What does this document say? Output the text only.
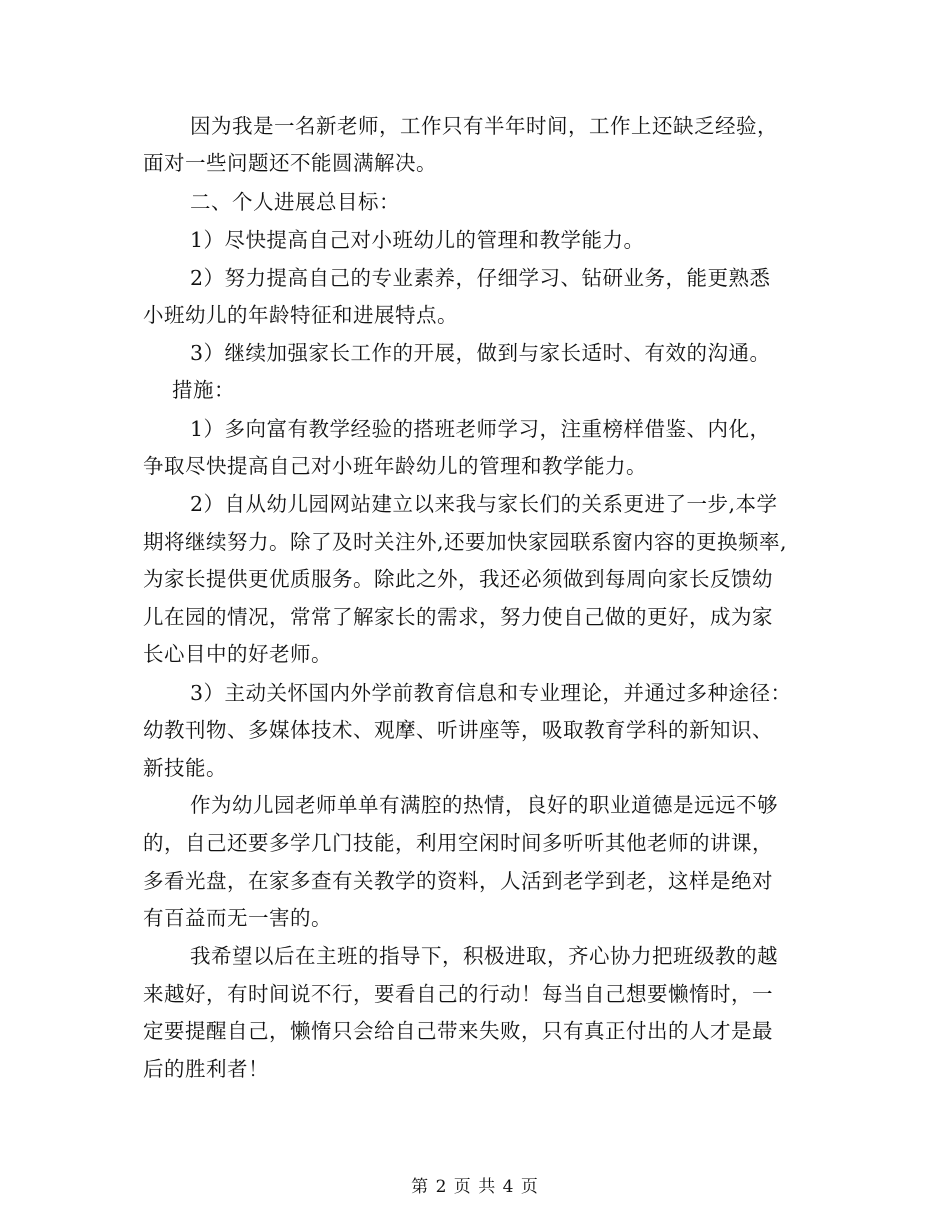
因为我是一名新老师，工作只有半年时间，工作上还缺乏经验，
面对一些问题还不能圆满解决。
二、个人进展总目标：
1）尽快提高自己对小班幼儿的管理和教学能力。
2）努力提高自己的专业素养，仔细学习、钻研业务，能更熟悉
小班幼儿的年龄特征和进展特点。
3）继续加强家长工作的开展，做到与家长适时、有效的沟通。
措施：
1）多向富有教学经验的搭班老师学习，注重榜样借鉴、内化，
争取尽快提高自己对小班年龄幼儿的管理和教学能力。
2）自从幼儿园网站建立以来我与家长们的关系更进了一步,本学
期将继续努力。除了及时关注外,还要加快家园联系窗内容的更换频率,
为家长提供更优质服务。除此之外，我还必须做到每周向家长反馈幼
儿在园的情况，常常了解家长的需求，努力使自己做的更好，成为家
长心目中的好老师。
3）主动关怀国内外学前教育信息和专业理论，并通过多种途径：
幼教刊物、多媒体技术、观摩、听讲座等，吸取教育学科的新知识、
新技能。
作为幼儿园老师单单有满腔的热情，良好的职业道德是远远不够
的，自己还要多学几门技能，利用空闲时间多听听其他老师的讲课，
多看光盘，在家多查有关教学的资料，人活到老学到老，这样是绝对
有百益而无一害的。
我希望以后在主班的指导下，积极进取，齐心协力把班级教的越
来越好，有时间说不行，要看自己的行动！每当自己想要懒惰时，一
定要提醒自己，懒惰只会给自己带来失败，只有真正付出的人才是最
后的胜利者！
第 2 页 共 4 页
